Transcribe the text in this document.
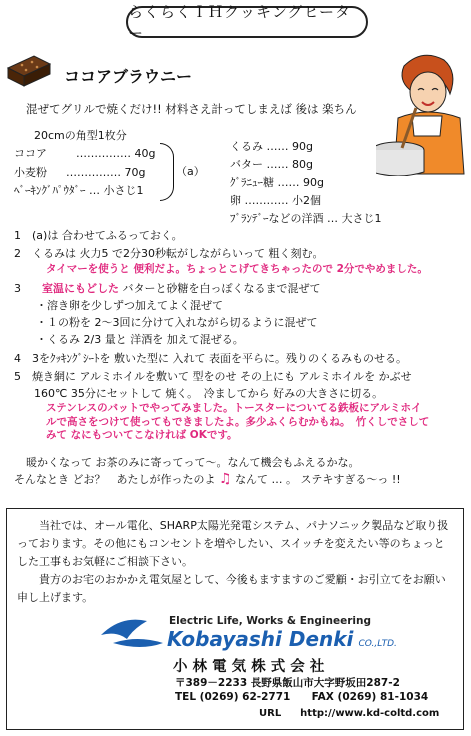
らくらくＩＨクッキングヒーター
ココアブラウニー
混ぜてグリルで焼くだけ!! 材料さえ計ってしまえば 後は 楽ちん
20cmの角型1枚分
ココア	…………… 40g
小麦粉 …………… 70g
ﾍﾞｰｷﾝｸﾞﾊﾟｳﾀﾞｰ … 小さじ1
（a）
くるみ …… 90g
バター …… 80g
ｸﾞﾗﾆｭｰ糖 …… 90g
卵 ………… 小2個
ﾌﾞﾗﾝﾃﾞｰなどの洋酒 … 大さじ1
1　(a)は 合わせてふるっておく。
2　くるみは 火力5 で2分30秒転がしながらいって 粗く刻む。
タイマーを使うと 便利だよ。ちょっとこげてきちゃったので 2分でやめました。
3 室温にもどした バターと砂糖を白っぽくなるまで混ぜて
・溶き卵を少しずつ加えてよく混ぜて
・１の粉を 2～3回に分けて入れながら切るように混ぜて
・くるみ 2/3 量と 洋酒を 加えて混ぜる。
4　3をｸｯｷﾝｸﾞｼｰﾄを 敷いた型に 入れて 表面を平らに。残りのくるみものせる。
5　焼き網に アルミホイルを敷いて 型をのせ その上にも アルミホイルを かぶせ
160℃ 35分にセットして 焼く。　冷ましてから 好みの大きさに切る。
ステンレスのバットでやってみました。トースターについてる鉄板にアルミホイルで高さをつけて使ってもできましたよ。多少ふくらむかもね。　竹くしでさしてみて なにもついてこなければ OKです。
暖かくなって お茶のみに寄ってって～。なんて機会もふえるかな。
そんなとき どお？　あたしが作ったのよ ♫ なんて … 。 ステキすぎる～っ !!

当社では、オール電化、SHARP太陽光発電システム、パナソニック製品など取り扱っております。その他にもコンセントを増やしたい、スイッチを変えたい等のちょっとした工事もお気軽にご相談下さい。

貴方のお宅のおかかえ電気屋として、今後もますますのご愛顧・お引立てをお願い申し上げます。

Electric Life, Works & Engineering
Kobayashi Denki CO.,LTD.
小 林 電 気 株 式 会 社
〒389－2233 長野県飯山市大字野坂田287-2
TEL (0269) 62-2771 FAX (0269) 81-1034
URL http://www.kd-coltd.com
